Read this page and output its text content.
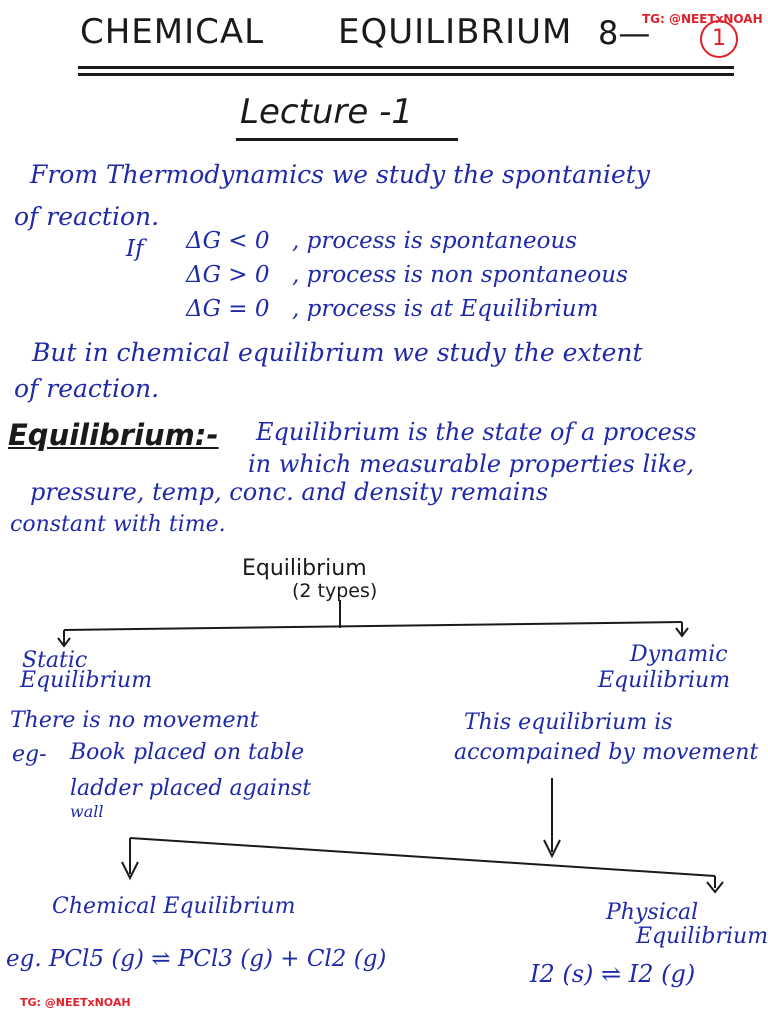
CHEMICAL EQUILIBRIUM 8—
TG: @NEETxNOAH
1
Lecture -1
From Thermodynamics we study the spontaniety
of reaction.
If ΔG < 0 , process is spontaneous
ΔG > 0 , process is non spontaneous
ΔG = 0 , process is at Equilibrium
But in chemical equilibrium we study the extent
of reaction.
Equilibrium:- Equilibrium is the state of a process
in which measurable properties like,
pressure, temp, conc. and density remains
constant with time.
Equilibrium
(2 types)
Static
Equilibrium
There is no movement
eg- Book placed on table
ladder placed against
wall
Dynamic
Equilibrium
This equilibrium is
accompained by movement
Chemical Equilibrium
eg. PCl5 (g) ⇌ PCl3 (g) + Cl2 (g)
Physical
Equilibrium
I2 (s) ⇌ I2 (g)
TG: @NEETxNOAH
